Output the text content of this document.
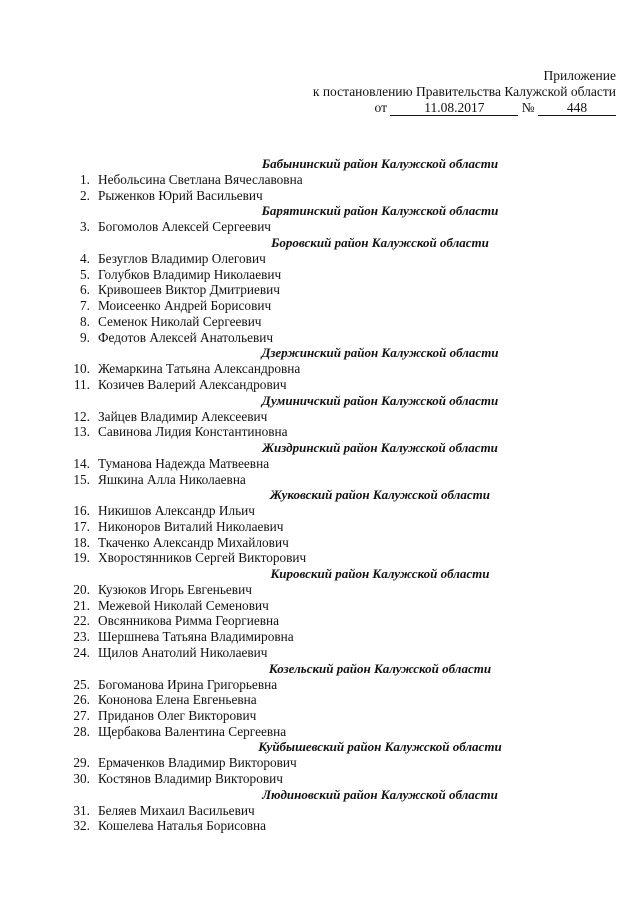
Приложение
к постановлению Правительства Калужской области
от	11.08.2017	№ 448
Бабынинский район Калужской области
1. Небольсина Светлана Вячеславовна
2. Рыженков Юрий Васильевич
Барятинский район Калужской области
3. Богомолов Алексей Сергеевич
Боровский район Калужской области
4. Безуглов Владимир Олегович
5. Голубков Владимир Николаевич
6. Кривошеев Виктор Дмитриевич
7. Моисеенко Андрей Борисович
8. Семенок Николай Сергеевич
9. Федотов Алексей Анатольевич
Дзержинский район Калужской области
10. Жемаркина Татьяна Александровна
11. Козичев Валерий Александрович
Думиничский район Калужской области
12. Зайцев Владимир Алексеевич
13. Савинова Лидия Константиновна
Жиздринский район Калужской области
14. Туманова Надежда Матвеевна
15. Яшкина Алла Николаевна
Жуковский район Калужской области
16. Никишов Александр Ильич
17. Никоноров Виталий Николаевич
18. Ткаченко Александр Михайлович
19. Хворостянников Сергей Викторович
Кировский район Калужской области
20. Кузюков Игорь Евгеньевич
21. Межевой Николай Семенович
22. Овсянникова Римма Георгиевна
23. Шершнева Татьяна Владимировна
24. Щилов Анатолий Николаевич
Козельский район Калужской области
25. Богоманова Ирина Григорьевна
26. Кононова Елена Евгеньевна
27. Приданов Олег Викторович
28. Щербакова Валентина Сергеевна
Куйбышевский район Калужской области
29. Ермаченков Владимир Викторович
30. Костянов Владимир Викторович
Людиновский район Калужской области
31. Беляев Михаил Васильевич
32. Кошелева Наталья Борисовна
